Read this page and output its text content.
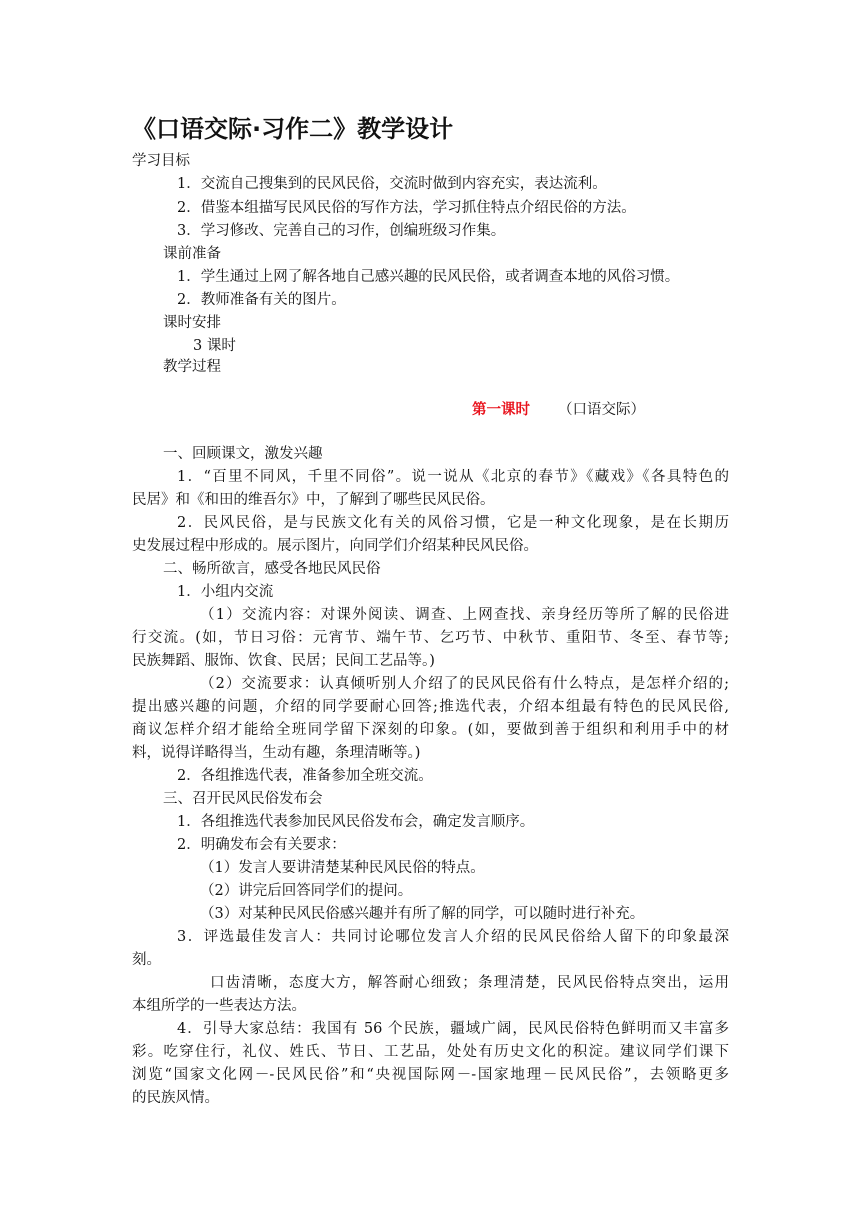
《口语交际·习作二》教学设计

学习目标

1．交流自己搜集到的民风民俗，交流时做到内容充实，表达流利。

2．借鉴本组描写民风民俗的写作方法，学习抓住特点介绍民俗的方法。

3．学习修改、完善自己的习作，创编班级习作集。

课前准备

1．学生通过上网了解各地自己感兴趣的民风民俗，或者调查本地的风俗习惯。

2．教师准备有关的图片。

课时安排

3 课时

教学过程

第一课时 （口语交际）

一、回顾课文，激发兴趣

1．“百里不同风，千里不同俗”。说一说从《北京的春节》《藏戏》《各具特色的

民居》和《和田的维吾尔》中，了解到了哪些民风民俗。

2．民风民俗，是与民族文化有关的风俗习惯，它是一种文化现象，是在长期历

史发展过程中形成的。展示图片，向同学们介绍某种民风民俗。

二、畅所欲言，感受各地民风民俗

1．小组内交流

（1）交流内容：对课外阅读、调查、上网查找、亲身经历等所了解的民俗进

行交流。(如，节日习俗：元宵节、端午节、乞巧节、中秋节、重阳节、冬至、春节等;

民族舞蹈、服饰、饮食、民居；民间工艺品等。)

（2）交流要求：认真倾听别人介绍了的民风民俗有什么特点，是怎样介绍的;

提出感兴趣的问题，介绍的同学要耐心回答;推选代表，介绍本组最有特色的民风民俗,

商议怎样介绍才能给全班同学留下深刻的印象。(如，要做到善于组织和利用手中的材

料，说得详略得当，生动有趣，条理清晰等。)

2．各组推选代表，准备参加全班交流。

三、召开民风民俗发布会

1．各组推选代表参加民风民俗发布会，确定发言顺序。

2．明确发布会有关要求：

（1）发言人要讲清楚某种民风民俗的特点。

（2）讲完后回答同学们的提问。

（3）对某种民风民俗感兴趣并有所了解的同学，可以随时进行补充。

3．评选最佳发言人：共同讨论哪位发言人介绍的民风民俗给人留下的印象最深

刻。

口齿清晰，态度大方，解答耐心细致；条理清楚，民风民俗特点突出，运用

本组所学的一些表达方法。

4．引导大家总结：我国有 56 个民族，疆域广阔，民风民俗特色鲜明而又丰富多

彩。吃穿住行，礼仪、姓氏、节日、工艺品，处处有历史文化的积淀。建议同学们课下

浏览“国家文化网－-民风民俗”和“央视国际网－-国家地理－民风民俗”，去领略更多

的民族风情。
